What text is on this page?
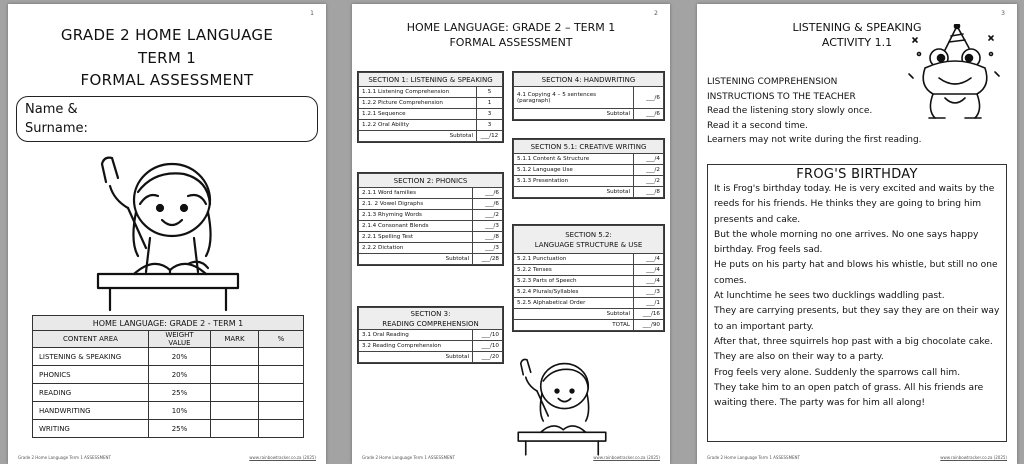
1
GRADE 2 HOME LANGUAGE
TERM 1
FORMAL ASSESSMENT
Name &
Surname:
HOME LANGUAGE: GRADE 2 - TERM 1			
CONTENT AREA	WEIGHT VALUE	MARK	%
LISTENING & SPEAKING	20%		
PHONICS	20%		
READING	25%		
HANDWRITING	10%		
WRITING	25%		
Grade 2 Home Language Term 1 ASSESSMENT	www.rainbowtracker.co.za (2025)
2
HOME LANGUAGE: GRADE 2 – TERM 1
FORMAL ASSESSMENT
SECTION 1: LISTENING & SPEAKING	
1.1.1 Listening Comprehension	5
1.2.2 Picture Comprehension	1
1.2.1 Sequence	3
1.2.2 Oral Ability	3
Subtotal	___/12
SECTION 2: PHONICS	
2.1.1 Word families	___/6
2.1. 2 Vowel Digraphs	___/6
2.1.3 Rhyming Words	___/2
2.1.4 Consonant Blends	___/3
2.2.1 Spelling Test	___/8
2.2.2 Dictation	___/3
Subtotal	___/28
SECTION 3:
READING COMPREHENSION	
3.1 Oral Reading	___/10
3.2 Reading Comprehension	___/10
Subtotal	___/20
SECTION 4: HANDWRITING	
4.1 Copying 4 – 5 sentences (paragraph)	___/6
Subtotal	___/6
SECTION 5.1: CREATIVE WRITING	
5.1.1 Content & Structure	___/4
5.1.2 Language Use	___/2
5.1.3 Presentation	___/2
Subtotal	___/8
SECTION 5.2:
LANGUAGE STRUCTURE & USE	
5.2.1 Punctuation	___/4
5.2.2 Tenses	___/4
5.2.3 Parts of Speech	___/4
5.2.4 Plurals/Syllables	___/3
5.2.5 Alphabetical Order	___/1
Subtotal	___/16
TOTAL	___/90
Grade 2 Home Language Term 1 ASSESSMENT	www.rainbowtracker.co.za (2025)
3
LISTENING & SPEAKING
ACTIVITY 1.1
LISTENING COMPREHENSION
INSTRUCTIONS TO THE TEACHER
Read the listening story slowly once.
Read it a second time.
Learners may not write during the first reading.
FROG'S BIRTHDAY

It is Frog's birthday today. He is very excited and waits by the reeds for his friends. He thinks they are going to bring him presents and cake.

But the whole morning no one arrives. No one says happy birthday. Frog feels sad.

He puts on his party hat and blows his whistle, but still no one comes.

At lunchtime he sees two ducklings waddling past.

They are carrying presents, but they say they are on their way to an important party.

After that, three squirrels hop past with a big chocolate cake. They are also on their way to a party.

Frog feels very alone. Suddenly the sparrows call him.

They take him to an open patch of grass. All his friends are waiting there. The party was for him all along!

Grade 2 Home Language Term 1 ASSESSMENT	www.rainbowtracker.co.za (2025)
